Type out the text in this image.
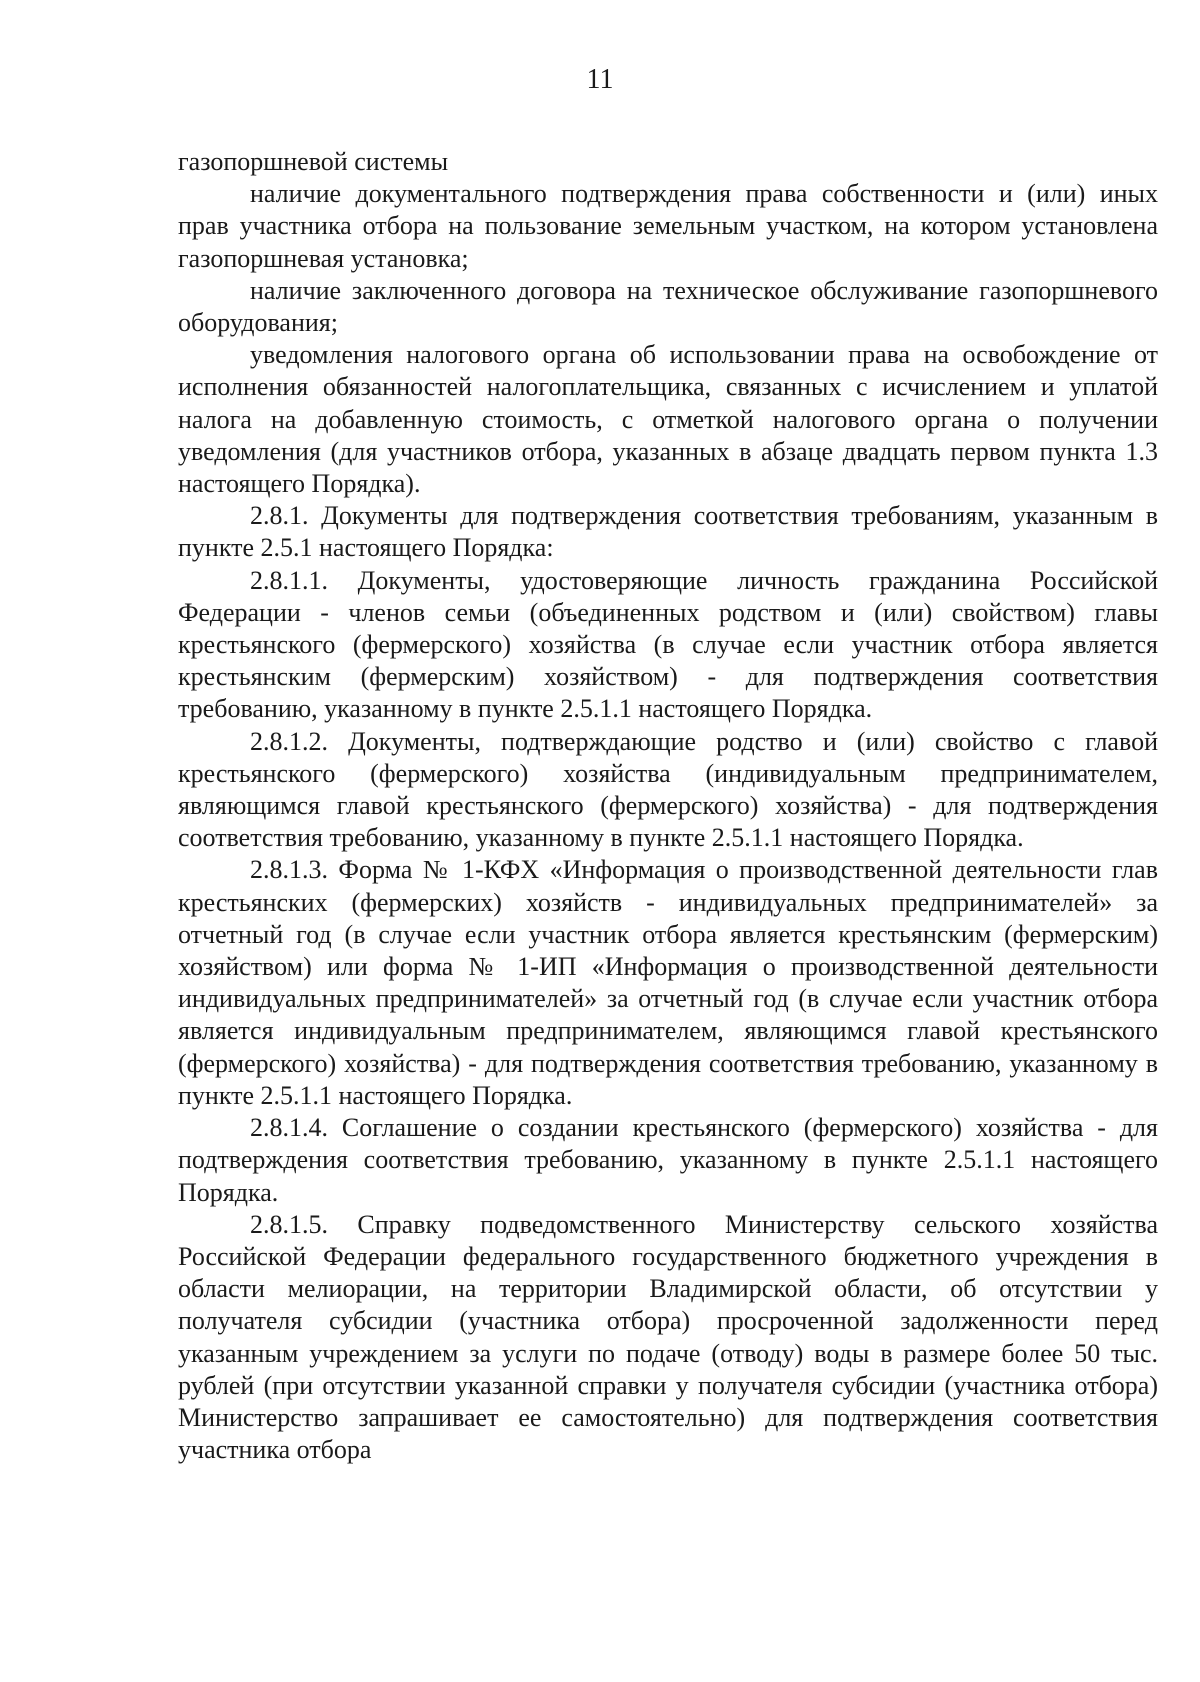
11

газопоршневой системы

наличие документального подтверждения права собственности и (или) иных прав участника отбора на пользование земельным участком, на котором установлена газопоршневая установка;

наличие заключенного договора на техническое обслуживание газопоршневого оборудования;

уведомления налогового органа об использовании права на освобождение от исполнения обязанностей налогоплательщика, связанных с исчислением и уплатой налога на добавленную стоимость, с отметкой налогового органа о получении уведомления (для участников отбора, указанных в абзаце двадцать первом пункта 1.3 настоящего Порядка).

2.8.1. Документы для подтверждения соответствия требованиям, указанным в пункте 2.5.1 настоящего Порядка:

2.8.1.1. Документы, удостоверяющие личность гражданина Российской Федерации - членов семьи (объединенных родством и (или) свойством) главы крестьянского (фермерского) хозяйства (в случае если участник отбора является крестьянским (фермерским) хозяйством) - для подтверждения соответствия требованию, указанному в пункте 2.5.1.1 настоящего Порядка.

2.8.1.2. Документы, подтверждающие родство и (или) свойство с главой крестьянского (фермерского) хозяйства (индивидуальным предпринимателем, являющимся главой крестьянского (фермерского) хозяйства) - для подтверждения соответствия требованию, указанному в пункте 2.5.1.1 настоящего Порядка.

2.8.1.3. Форма № 1-КФХ «Информация о производственной деятельности глав крестьянских (фермерских) хозяйств - индивидуальных предпринимателей» за отчетный год (в случае если участник отбора является крестьянским (фермерским) хозяйством) или форма № 1-ИП «Информация о производственной деятельности индивидуальных предпринимателей» за отчетный год (в случае если участник отбора является индивидуальным предпринимателем, являющимся главой крестьянского (фермерского) хозяйства) - для подтверждения соответствия требованию, указанному в пункте 2.5.1.1 настоящего Порядка.

2.8.1.4. Соглашение о создании крестьянского (фермерского) хозяйства - для подтверждения соответствия требованию, указанному в пункте 2.5.1.1 настоящего Порядка.

2.8.1.5. Справку подведомственного Министерству сельского хозяйства Российской Федерации федерального государственного бюджетного учреждения в области мелиорации, на территории Владимирской области, об отсутствии у получателя субсидии (участника отбора) просроченной задолженности перед указанным учреждением за услуги по подаче (отводу) воды в размере более 50 тыс. рублей (при отсутствии указанной справки у получателя субсидии (участника отбора) Министерство запрашивает ее самостоятельно) для подтверждения соответствия участника отбора
